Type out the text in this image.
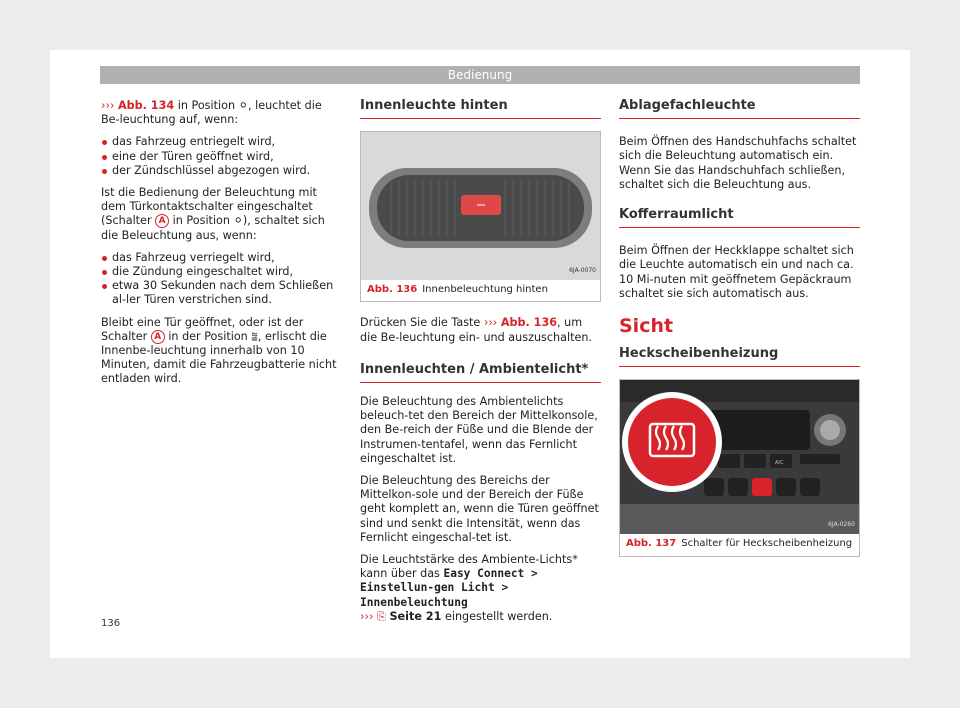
Bedienung

››› Abb. 134 in Position ⚪, leuchtet die Be-leuchtung auf, wenn:

das Fahrzeug entriegelt wird,
eine der Türen geöffnet wird,
der Zündschlüssel abgezogen wird.

Ist die Bedienung der Beleuchtung mit dem Türkontaktschalter eingeschaltet (Schalter A in Position ⚪), schaltet sich die Beleuchtung aus, wenn:

das Fahrzeug verriegelt wird,
die Zündung eingeschaltet wird,
etwa 30 Sekunden nach dem Schließen al-ler Türen verstrichen sind.

Bleibt eine Tür geöffnet, oder ist der Schalter A in der Position ⩰, erlischt die Innenbe-leuchtung innerhalb von 10 Minuten, damit die Fahrzeugbatterie nicht entladen wird.

Innenleuchte hinten
6JA-0070
Abb. 136 Innenbeleuchtung hinten

Drücken Sie die Taste ››› Abb. 136, um die Be-leuchtung ein- und auszuschalten.

Innenleuchten / Ambientelicht*

Die Beleuchtung des Ambientelichts beleuch-tet den Bereich der Mittelkonsole, den Be-reich der Füße und die Blende der Instrumen-tentafel, wenn das Fernlicht eingeschaltet ist.

Die Beleuchtung des Bereichs der Mittelkon-sole und der Bereich der Füße geht komplett an, wenn die Türen geöffnet sind und senkt die Intensität, wenn das Fernlicht eingeschal-tet ist.

Die Leuchtstärke des Ambiente-Lichts* kann über das Easy Connect > Einstellun-gen Licht > Innenbeleuchtung
››› ⎘ Seite 21 eingestellt werden.

Ablagefachleuchte

Beim Öffnen des Handschuhfachs schaltet sich die Beleuchtung automatisch ein. Wenn Sie das Handschuhfach schließen, schaltet sich die Beleuchtung aus.

Kofferraumlicht

Beim Öffnen der Heckklappe schaltet sich die Leuchte automatisch ein und nach ca. 10 Mi-nuten mit geöffnetem Gepäckraum schaltet sie sich automatisch aus.

Sicht
Heckscheibenheizung
A/C
6JA-0260
Abb. 137 Schalter für Heckscheibenheizung
136
